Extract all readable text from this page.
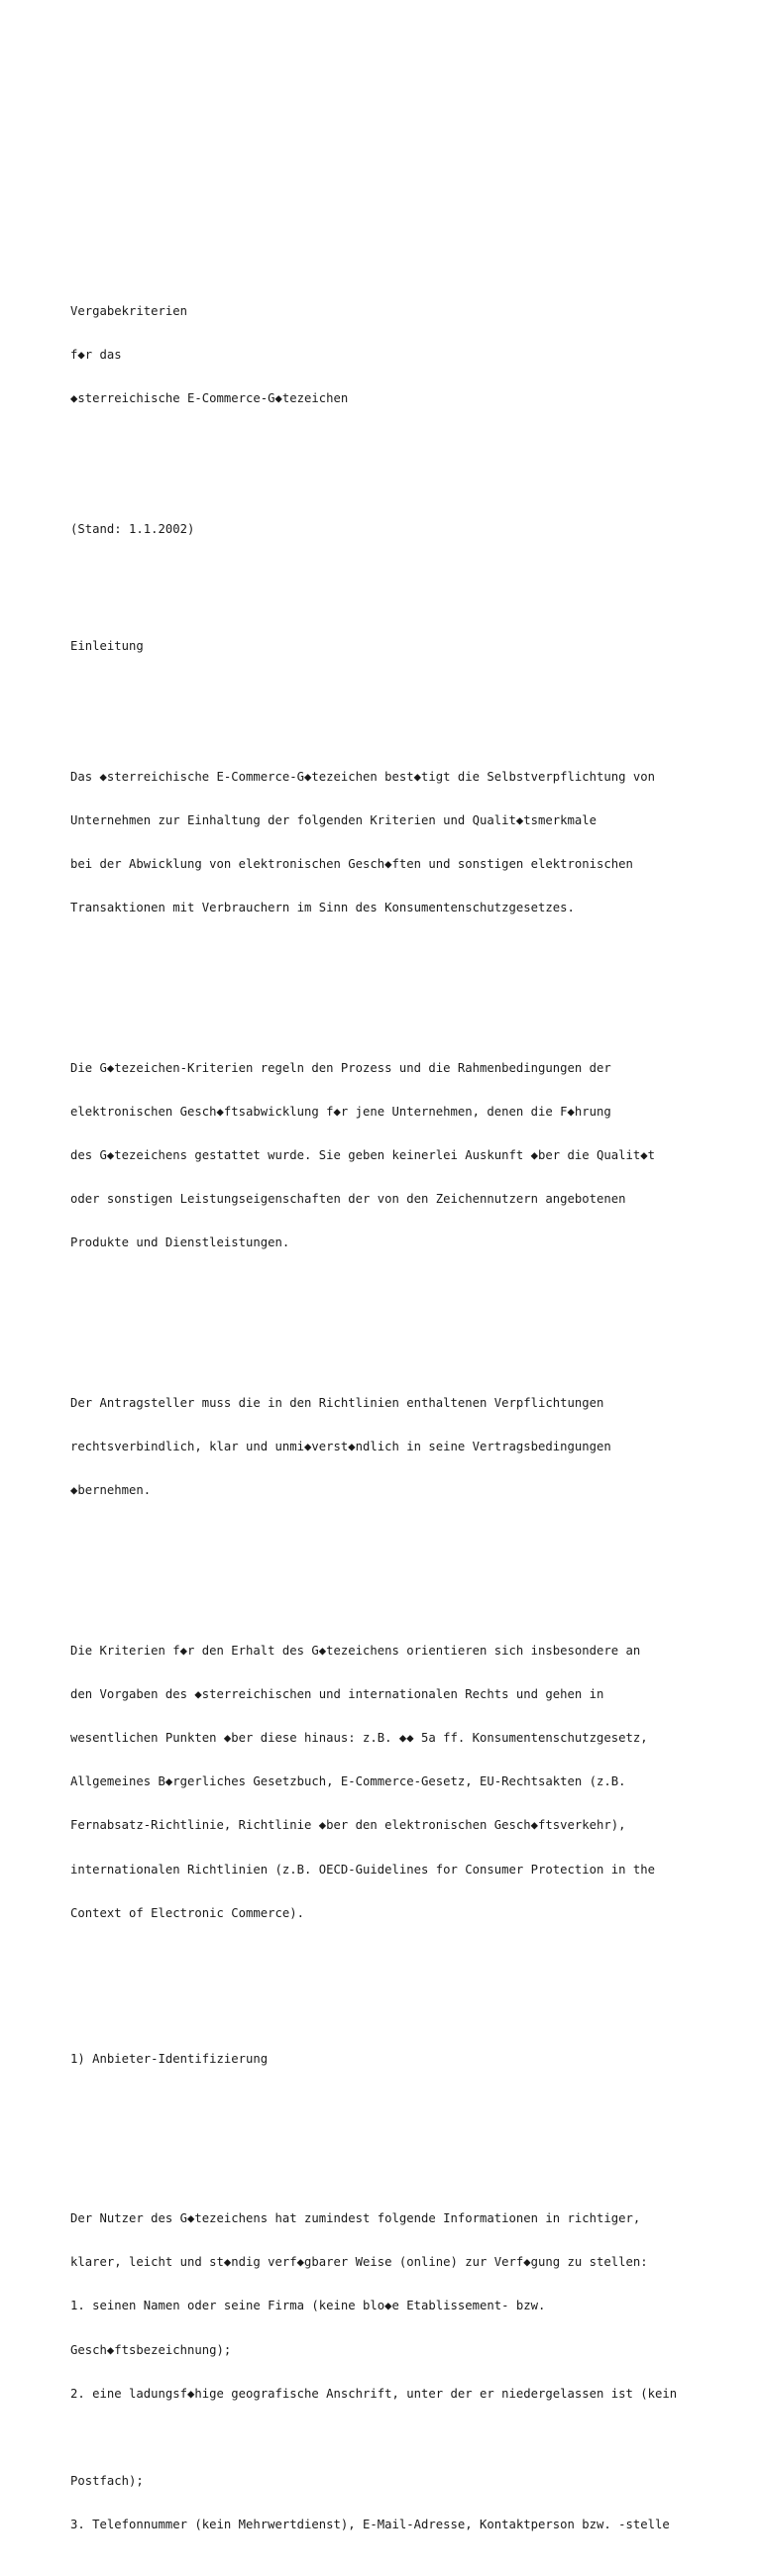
Vergabekriterien

f◆r das

◆sterreichische E-Commerce-G◆tezeichen

(Stand: 1.1.2002)

Einleitung

Das ◆sterreichische E-Commerce-G◆tezeichen best◆tigt die Selbstverpflichtung von

Unternehmen zur Einhaltung der folgenden Kriterien und Qualit◆tsmerkmale

bei der Abwicklung von elektronischen Gesch◆ften und sonstigen elektronischen

Transaktionen mit Verbrauchern im Sinn des Konsumentenschutzgesetzes.

Die G◆tezeichen-Kriterien regeln den Prozess und die Rahmenbedingungen der

elektronischen Gesch◆ftsabwicklung f◆r jene Unternehmen, denen die F◆hrung

des G◆tezeichens gestattet wurde. Sie geben keinerlei Auskunft ◆ber die Qualit◆t

oder sonstigen Leistungseigenschaften der von den Zeichennutzern angebotenen

Produkte und Dienstleistungen.

Der Antragsteller muss die in den Richtlinien enthaltenen Verpflichtungen

rechtsverbindlich, klar und unmi◆verst◆ndlich in seine Vertragsbedingungen

◆bernehmen.

Die Kriterien f◆r den Erhalt des G◆tezeichens orientieren sich insbesondere an

den Vorgaben des ◆sterreichischen und internationalen Rechts und gehen in

wesentlichen Punkten ◆ber diese hinaus: z.B. ◆◆ 5a ff. Konsumentenschutzgesetz,

Allgemeines B◆rgerliches Gesetzbuch, E-Commerce-Gesetz, EU-Rechtsakten (z.B.

Fernabsatz-Richtlinie, Richtlinie ◆ber den elektronischen Gesch◆ftsverkehr),

internationalen Richtlinien (z.B. OECD-Guidelines for Consumer Protection in the

Context of Electronic Commerce).

1) Anbieter-Identifizierung

Der Nutzer des G◆tezeichens hat zumindest folgende Informationen in richtiger,

klarer, leicht und st◆ndig verf◆gbarer Weise (online) zur Verf◆gung zu stellen:

1. seinen Namen oder seine Firma (keine blo◆e Etablissement- bzw.

Gesch◆ftsbezeichnung);

2. eine ladungsf◆hige geografische Anschrift, unter der er niedergelassen ist (kein

Postfach);

3. Telefonnummer (kein Mehrwertdienst), E-Mail-Adresse, Kontaktperson bzw. -stelle
